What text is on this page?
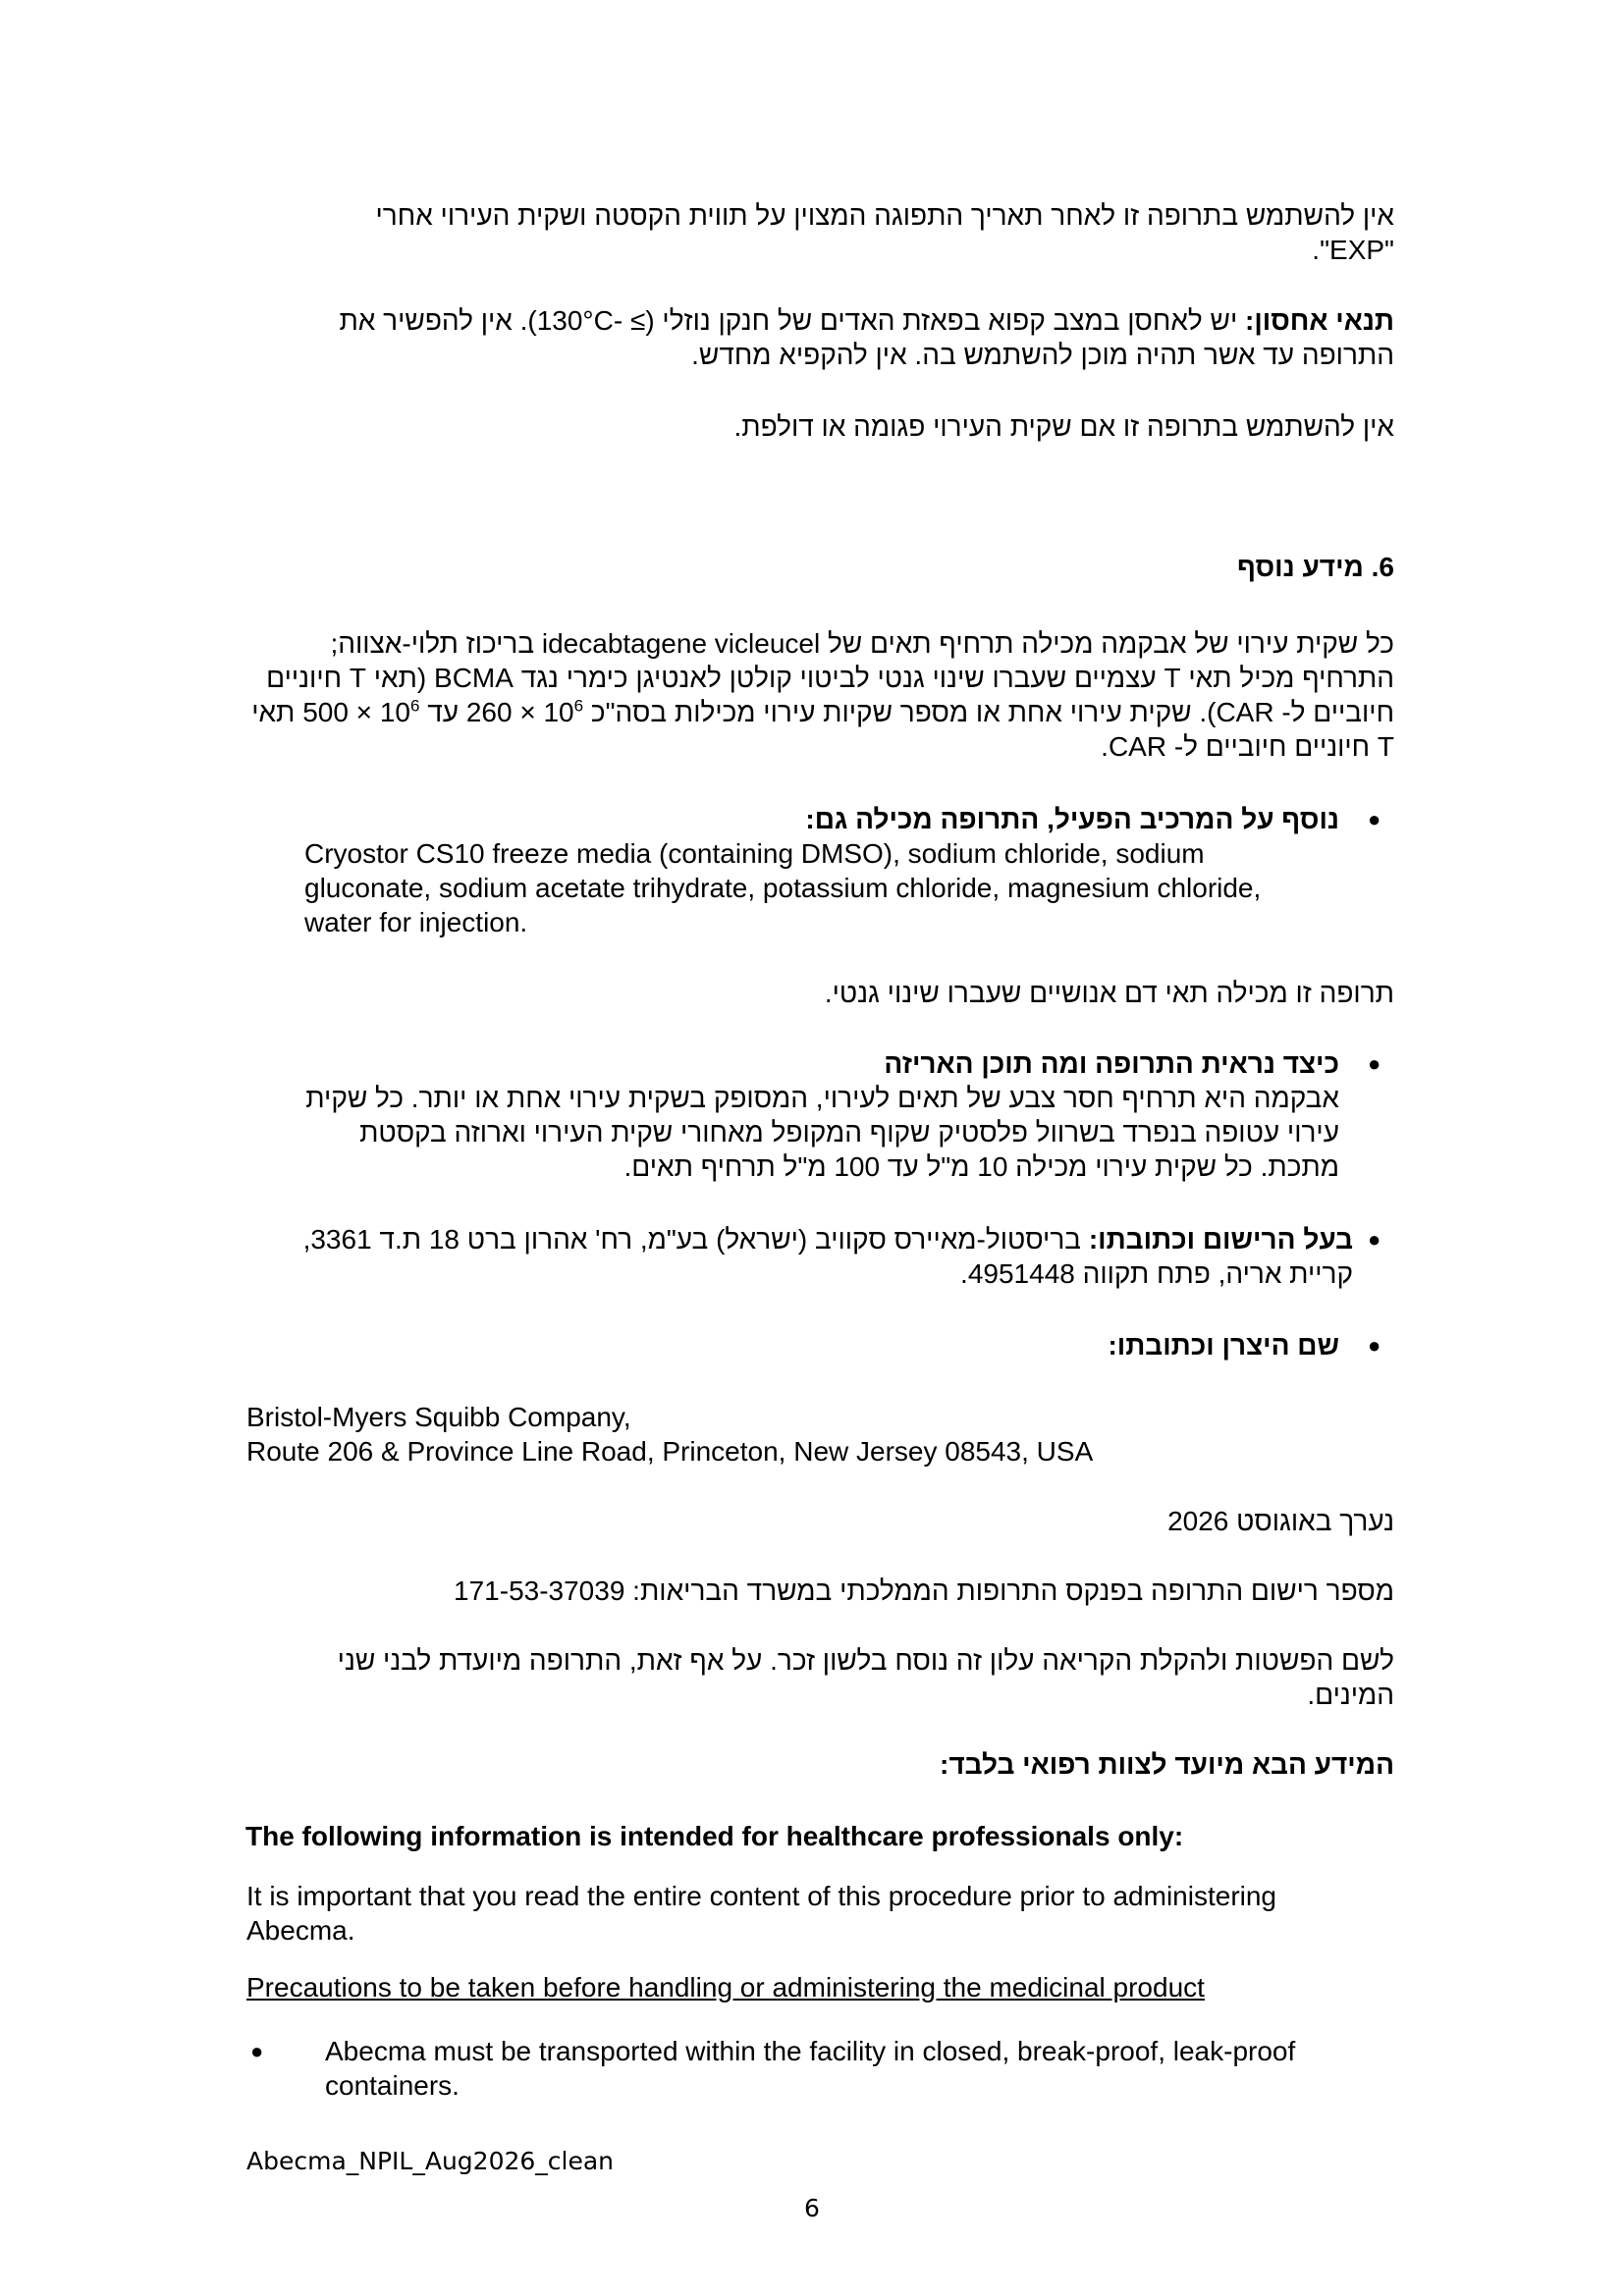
אין להשתמש בתרופה זו לאחר תאריך התפוגה המצוין על תווית הקסטה ושקית העירוי אחרי
"EXP".
תנאי אחסון: יש לאחסן במצב קפוא בפאזת האדים של חנקן נוזלי (≥ -130°C). אין להפשיר את
התרופה עד אשר תהיה מוכן להשתמש בה. אין להקפיא מחדש.
אין להשתמש בתרופה זו אם שקית העירוי פגומה או דולפת.
6. מידע נוסף
כל שקית עירוי של אבקמה מכילה תרחיף תאים של idecabtagene vicleucel בריכוז תלוי-אצווה;
התרחיף מכיל תאי T עצמיים שעברו שינוי גנטי לביטוי קולטן לאנטיגן כימרי נגד BCMA (תאי T חיוניים
חיוביים ל- CAR). שקית עירוי אחת או מספר שקיות עירוי מכילות בסה"כ $10^6 \times 260$ עד $10^6 \times 500$ תאי
T חיוניים חיוביים ל- CAR.
●
נוסף על המרכיב הפעיל, התרופה מכילה גם:
Cryostor CS10 freeze media (containing DMSO), sodium chloride, sodium
gluconate, sodium acetate trihydrate, potassium chloride, magnesium chloride,
water for injection.
תרופה זו מכילה תאי דם אנושיים שעברו שינוי גנטי.
●
כיצד נראית התרופה ומה תוכן האריזה
אבקמה היא תרחיף חסר צבע של תאים לעירוי, המסופק בשקית עירוי אחת או יותר. כל שקית
עירוי עטופה בנפרד בשרוול פלסטיק שקוף המקופל מאחורי שקית העירוי וארוזה בקסטת
מתכת. כל שקית עירוי מכילה 10 מ"ל עד 100 מ"ל תרחיף תאים.
●
בעל הרישום וכתובתו: בריסטול-מאיירס סקוויב (ישראל) בע"מ, רח' אהרון ברט 18 ת.ד 3361,
קריית אריה, פתח תקווה 4951448.
●
שם היצרן וכתובתו:
Bristol-Myers Squibb Company,
Route 206 & Province Line Road, Princeton, New Jersey 08543, USA
נערך באוגוסט 2026
מספר רישום התרופה בפנקס התרופות הממלכתי במשרד הבריאות: 171-53-37039
לשם הפשטות ולהקלת הקריאה עלון זה נוסח בלשון זכר. על אף זאת, התרופה מיועדת לבני שני
המינים.
המידע הבא מיועד לצוות רפואי בלבד:
The following information is intended for healthcare professionals only:
It is important that you read the entire content of this procedure prior to administering
Abecma.
Precautions to be taken before handling or administering the medicinal product
● Abecma must be transported within the facility in closed, break-proof, leak-proof
containers.
Abecma_NPIL_Aug2026_clean
6
